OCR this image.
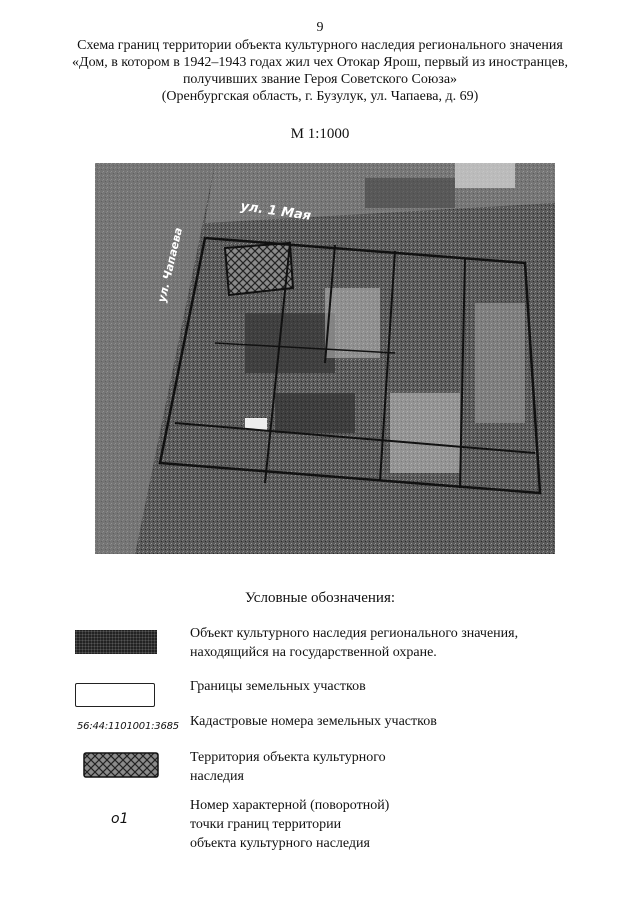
9
Схема границ территории объекта культурного наследия регионального значения
«Дом, в котором в 1942–1943 годах жил чех Отокар Ярош, первый из иностранцев,
получивших звание Героя Советского Союза»
(Оренбургская область, г. Бузулук, ул. Чапаева, д. 69)
М 1:1000
ул. 1 Мая
ул. Чапаева
Условные обозначения:
Объект культурного наследия регионального значения,
находящийся на государственной охране.
Границы земельных участков
56:44:1101001:3685 Кадастровые номера земельных участков
Территория объекта культурного
наследия
о1
Номер характерной (поворотной)
точки границ территории
объекта культурного наследия
